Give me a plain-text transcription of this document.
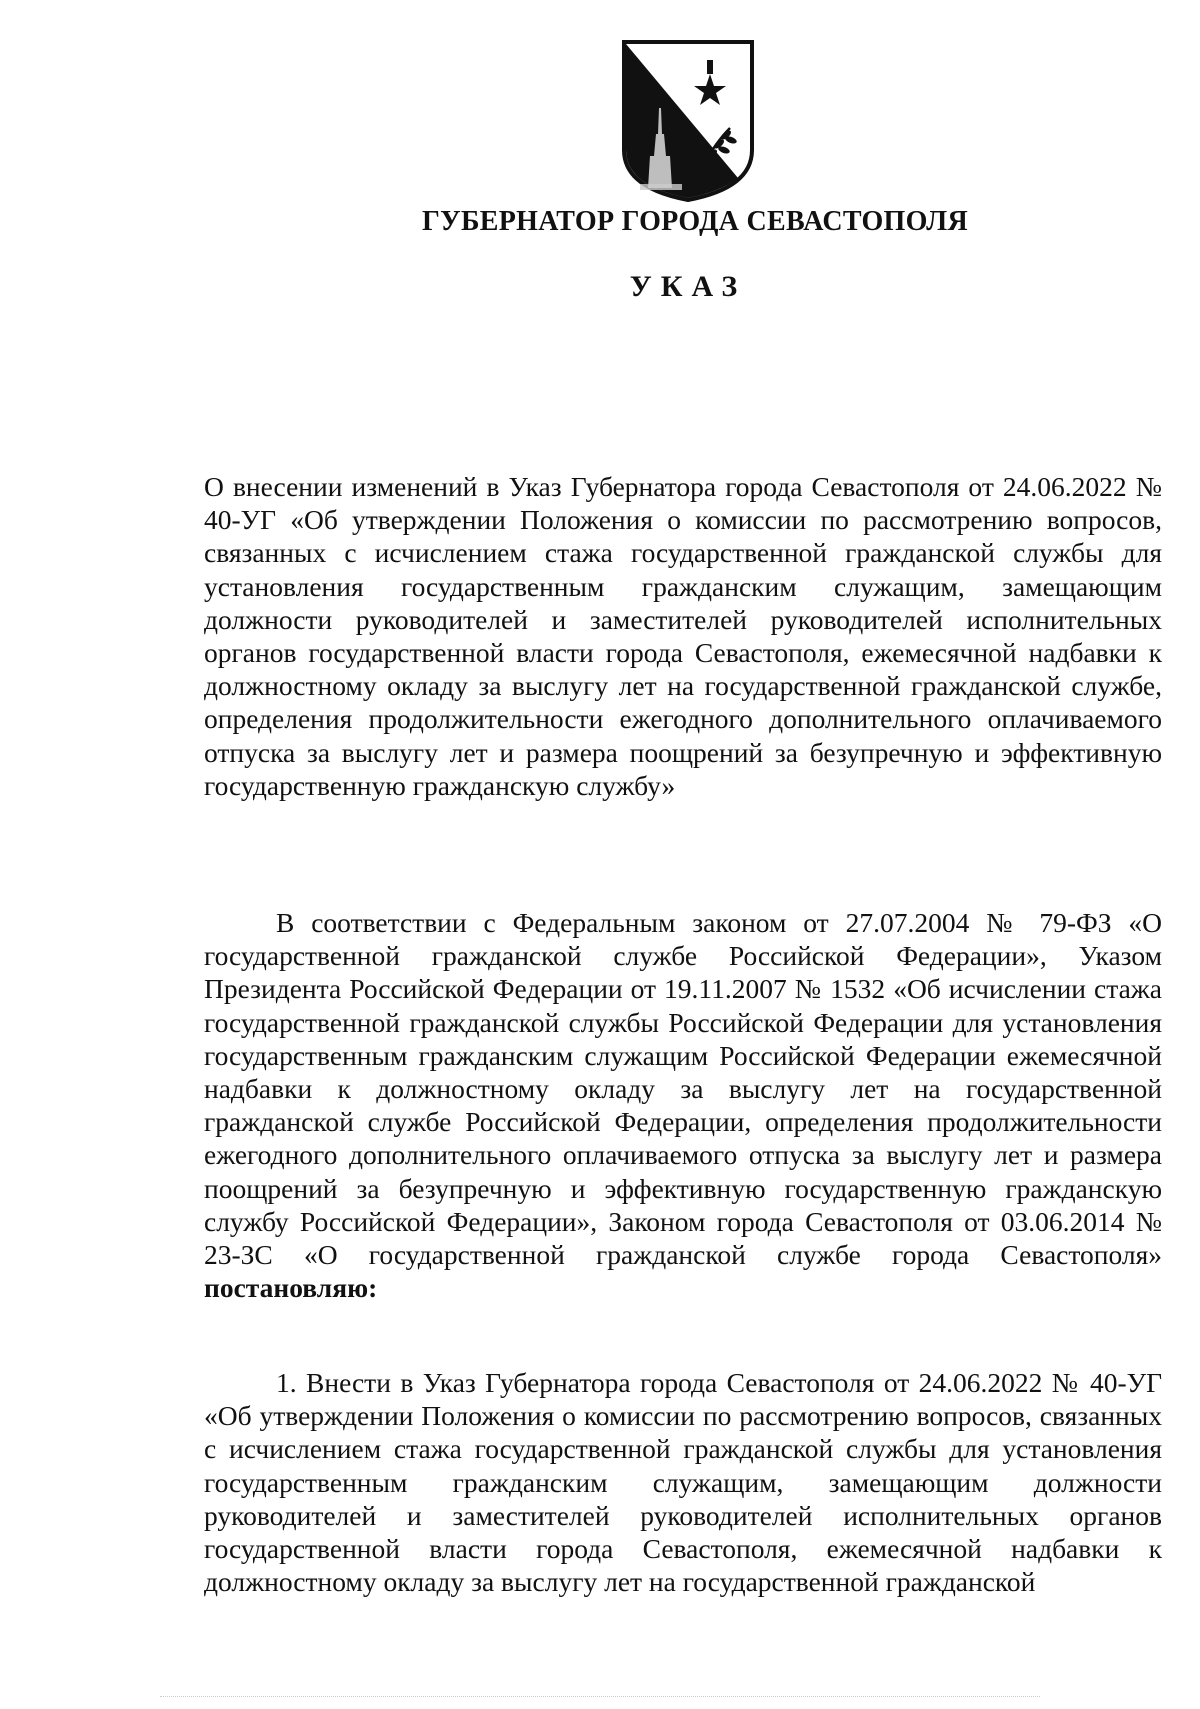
ГУБЕРНАТОР ГОРОДА СЕВАСТОПОЛЯ
УКАЗ

О внесении изменений в Указ Губернатора города Севастополя от 24.06.2022 № 40-УГ «Об утверждении Положения о комиссии по рассмотрению вопросов, связанных с исчислением стажа государственной гражданской службы для установления государственным гражданским служащим, замещающим должности руководителей и заместителей руководителей исполнительных органов государственной власти города Севастополя, ежемесячной надбавки к должностному окладу за выслугу лет на государственной гражданской службе, определения продолжительности ежегодного дополнительного оплачиваемого отпуска за выслугу лет и размера поощрений за безупречную и эффективную государственную гражданскую службу»

В соответствии с Федеральным законом от 27.07.2004 № 79-ФЗ «О государственной гражданской службе Российской Федерации», Указом Президента Российской Федерации от 19.11.2007 № 1532 «Об исчислении стажа государственной гражданской службы Российской Федерации для установления государственным гражданским служащим Российской Федерации ежемесячной надбавки к должностному окладу за выслугу лет на государственной гражданской службе Российской Федерации, определения продолжительности ежегодного дополнительного оплачиваемого отпуска за выслугу лет и размера поощрений за безупречную и эффективную государственную гражданскую службу Российской Федерации», Законом города Севастополя от 03.06.2014 № 23-ЗС «О государственной гражданской службе города Севастополя» постановляю:

1. Внести в Указ Губернатора города Севастополя от 24.06.2022 № 40-УГ «Об утверждении Положения о комиссии по рассмотрению вопросов, связанных с исчислением стажа государственной гражданской службы для установления государственным гражданским служащим, замещающим должности руководителей и заместителей руководителей исполнительных органов государственной власти города Севастополя, ежемесячной надбавки к должностному окладу за выслугу лет на государственной гражданской
